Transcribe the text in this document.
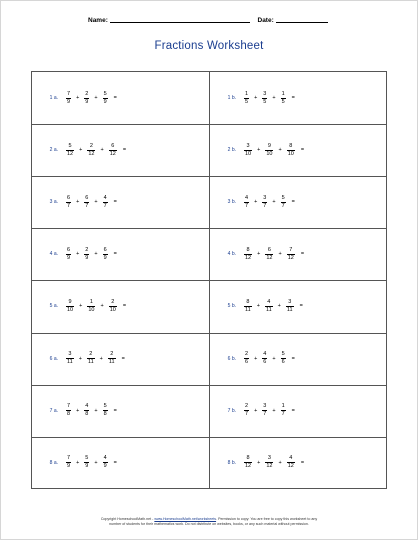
Name:	Date:
Fractions Worksheet
1 a. $\frac{7}{9} + \frac{2}{9} + \frac{5}{9}$ =
2 a. $\frac{5}{12} + \frac{2}{12} + \frac{6}{12}$ =
3 a. $\frac{6}{7} + \frac{6}{7} + \frac{4}{7}$ =
4 a. $\frac{6}{9} + \frac{2}{9} + \frac{6}{9}$ =
5 a. $\frac{9}{10} + \frac{1}{10} + \frac{2}{10}$ =
6 a. $\frac{3}{11} + \frac{2}{11} + \frac{2}{11}$ =
7 a. $\frac{7}{8} + \frac{4}{8} + \frac{5}{8}$ =
8 a. $\frac{7}{9} + \frac{5}{9} + \frac{4}{9}$ =
1 b. $\frac{1}{5} + \frac{3}{5} + \frac{1}{5}$ =
2 b. $\frac{3}{10} + \frac{9}{10} + \frac{8}{10}$ =
3 b. $\frac{4}{7} + \frac{3}{7} + \frac{5}{7}$ =
4 b. $\frac{8}{12} + \frac{6}{12} + \frac{7}{12}$ =
5 b. $\frac{8}{11} + \frac{4}{11} + \frac{3}{11}$ =
6 b. $\frac{2}{6} + \frac{4}{6} + \frac{5}{6}$ =
7 b. $\frac{2}{7} + \frac{3}{7} + \frac{1}{7}$ =
8 b. $\frac{8}{12} + \frac{3}{12} + \frac{4}{12}$ =
Copyright HomeschoolMath.net - www.HomeschoolMath.net/worksheets. Permission to copy: You are free to copy this worksheet to any
number of students for their mathematics work. Do not distribute on websites, books, or any such material without permission.
